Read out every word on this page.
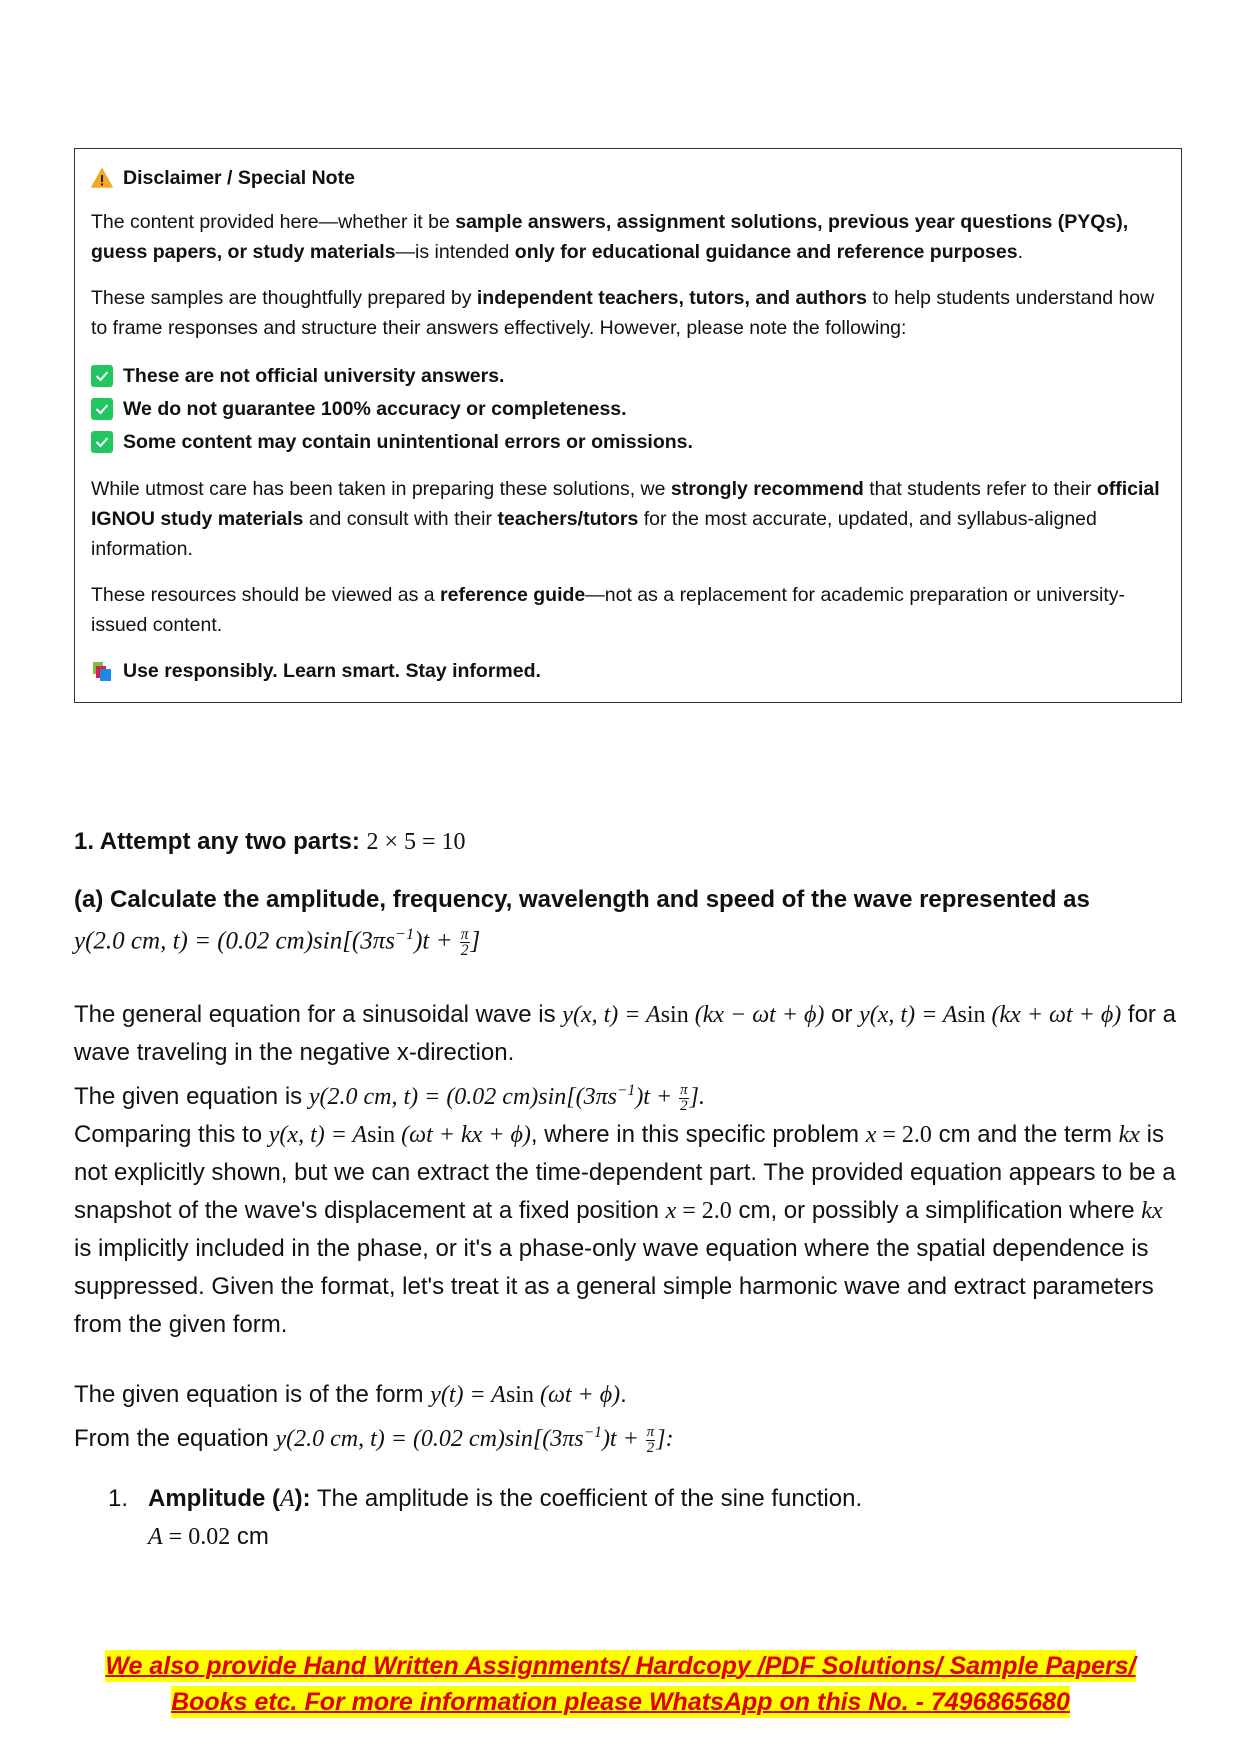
Disclaimer / Special Note

The content provided here—whether it be sample answers, assignment solutions, previous year questions (PYQs), guess papers, or study materials—is intended only for educational guidance and reference purposes.

These samples are thoughtfully prepared by independent teachers, tutors, and authors to help students understand how to frame responses and structure their answers effectively. However, please note the following:

These are not official university answers.
We do not guarantee 100% accuracy or completeness.
Some content may contain unintentional errors or omissions.

While utmost care has been taken in preparing these solutions, we strongly recommend that students refer to their official IGNOU study materials and consult with their teachers/tutors for the most accurate, updated, and syllabus-aligned information.

These resources should be viewed as a reference guide—not as a replacement for academic preparation or university-issued content.

Use responsibly. Learn smart. Stay informed.
1. Attempt any two parts: 2 × 5 = 10
(a) Calculate the amplitude, frequency, wavelength and speed of the wave represented as
y(2.0 cm, t) = (0.02 $cm)\sin[(3\pi s^{-1})t + \frac{\pi}{2}$ ]

The general equation for a sinusoidal wave is y(x, t) = Asin (kx − ωt + ϕ) or y(x, t) = Asin (kx + ωt + ϕ) for a wave traveling in the negative x-direction.

The given equation is y(2.0 cm, t) = (0.02 $cm)\sin[(3\pi s^{-1})t + \frac{\pi}{2}$ ].

Comparing this to y(x, t) = Asin (ωt + kx + ϕ), where in this specific problem x = 2.0 cm and the term kx is not explicitly shown, but we can extract the time-dependent part. The provided equation appears to be a snapshot of the wave's displacement at a fixed position x = 2.0 cm, or possibly a simplification where kx is implicitly included in the phase, or it's a phase-only wave equation where the spatial dependence is suppressed. Given the format, let's treat it as a general simple harmonic wave and extract parameters from the given form.

The given equation is of the form y(t) = Asin (ωt + ϕ).

From the equation y(2.0 cm, t) = (0.02 $cm)\sin[(3\pi s^{-1})t + \frac{\pi}{2}$ ]:

1. Amplitude (A): The amplitude is the coefficient of the sine function.
A = 0.02 cm
We also provide Hand Written Assignments/ Hardcopy /PDF Solutions/ Sample Papers/
Books etc. For more information please WhatsApp on this No. - 7496865680
